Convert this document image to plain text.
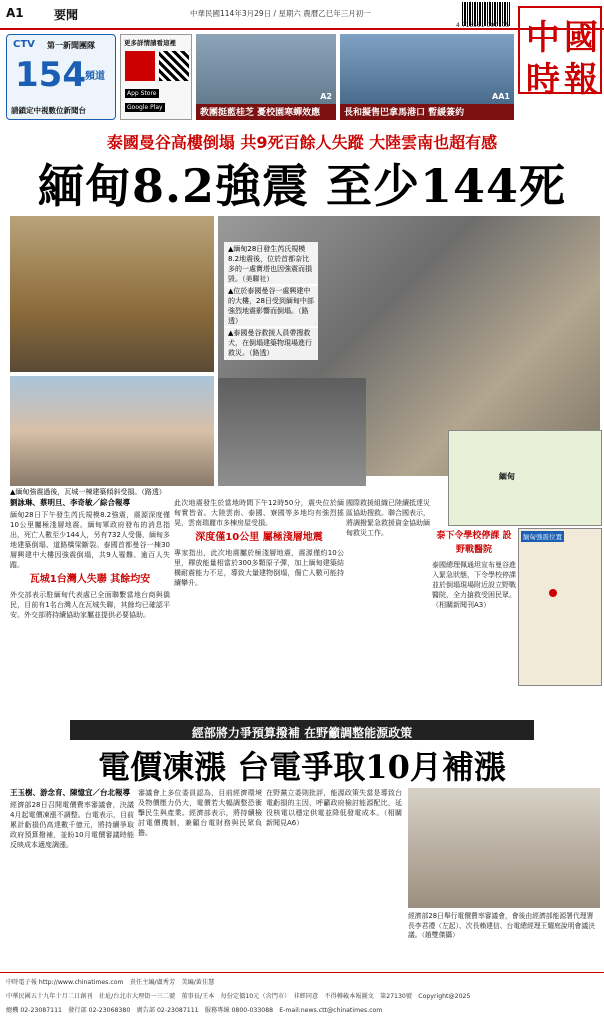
A1	要聞	中華民國114年3月29日 / 星期六 農曆乙巳年三月初一
4 713551 000105 中 國
時 報
CTV 第一新聞團隊
154 頻道
請鎖定中視數位新聞台
更多詳情請看這裡
App Store
Google Play
A2
教團挺藍桂芝 憂校園寒蟬效應
AA1
長和擬售巴拿馬港口 暫緩簽約
泰國曼谷高樓倒塌 共9死百餘人失蹤 大陸雲南也超有感
緬甸8.2強震 至少144死
▲緬甸28日發生芮氏規模8.2地震後，位於首都奈比多的一處寶塔也因強震而損毀。（美聯社）
▲位於泰國曼谷一處興建中的大樓，28日受到緬甸中部強烈地震影響而倒塌。（路透）
▲泰國曼谷救援人員帶搜救犬，在倒塌建築物現場進行救災。（路透）
▲緬甸強震過後，瓦城一棟建築傾斜受損。（路透）
緬甸
緬甸強震位置

劉詠琳、蔡明旦、李奇敏／綜合報導

緬甸28日下午發生芮氏規模8.2強震，震源深度僅10公里屬極淺層地震。緬甸軍政府發布的消息指出，死亡人數至少144人，另有732人受傷，緬甸多地建築倒塌、道路橋梁斷裂。泰國首都曼谷一棟30層興建中大樓因強震倒塌，共9人罹難、逾百人失蹤。

瓦城1台灣人失聯 其餘均安

外交部表示駐緬甸代表處已全面聯繫當地台商與僑民，目前有1名台灣人在瓦城失聯，其餘均已確認平安。外交部將持續協助家屬並提供必要協助。

此次地震發生於當地時間下午12時50分，震央位於緬甸實皆省。大陸雲南、泰國、寮國等多地均有強烈搖晃，雲南瑞麗市多棟房屋受損。

深度僅10公里 屬極淺層地震

專家指出，此次地震屬於極淺層地震，震源僅約10公里，釋放能量相當於300多顆原子彈，加上緬甸建築結構耐震能力不足，導致大量建物倒塌，傷亡人數可能持續攀升。

國際救援組織已陸續抵達災區協助搜救。聯合國表示，將調撥緊急救援資金協助緬甸救災工作。	泰下令學校停課 設野戰醫院

泰國總理佩通坦宣布曼谷進入緊急狀態，下令學校停課並於倒塌現場附近設立野戰醫院，全力搶救受困民眾。（相關新聞刊A3）

經部將力爭預算撥補 在野籲調整能源政策
電價凍漲 台電爭取10月補漲

王玉樹、游念育、陳憶宜／台北報導

經濟部28日召開電價費率審議會，決議4月起電價凍漲不調整。台電表示，目前累計虧損仍高達數千億元，將持續爭取政府預算撥補，並盼10月電價審議時能反映成本適度調漲。

審議會上多位委員認為，目前經濟環境及物價壓力仍大，電價若大幅調整恐衝擊民生與產業。經濟部表示，將持續檢討電價機制，兼顧台電財務與民眾負擔。

在野黨立委則批評，能源政策失當是導致台電虧損的主因，呼籲政府檢討能源配比，延役核電以穩定供電並降低發電成本。（相關新聞見A6）

經濟部28日舉行電價費率審議會，會後由經濟部能源署代理署長李君禮（左起）、次長賴建信、台電總經理王耀庭說明會議決議。（趙雙傑攝）
中時電子報 http://www.chinatimes.com　責任主編/盧秀芳　美編/黃佳慧
中華民國五十九年十月二日創刊　社址/台北市大理街一三二號　董事長/王本　每份定價10元（含門市）　非經同意　不得轉載本報圖文　第27130號　Copyright@2025
總機 02-23087111　發行部 02-23068380　廣告部 02-23087111　服務專線 0800-033088　E-mail:news.ctt@chinatimes.com
